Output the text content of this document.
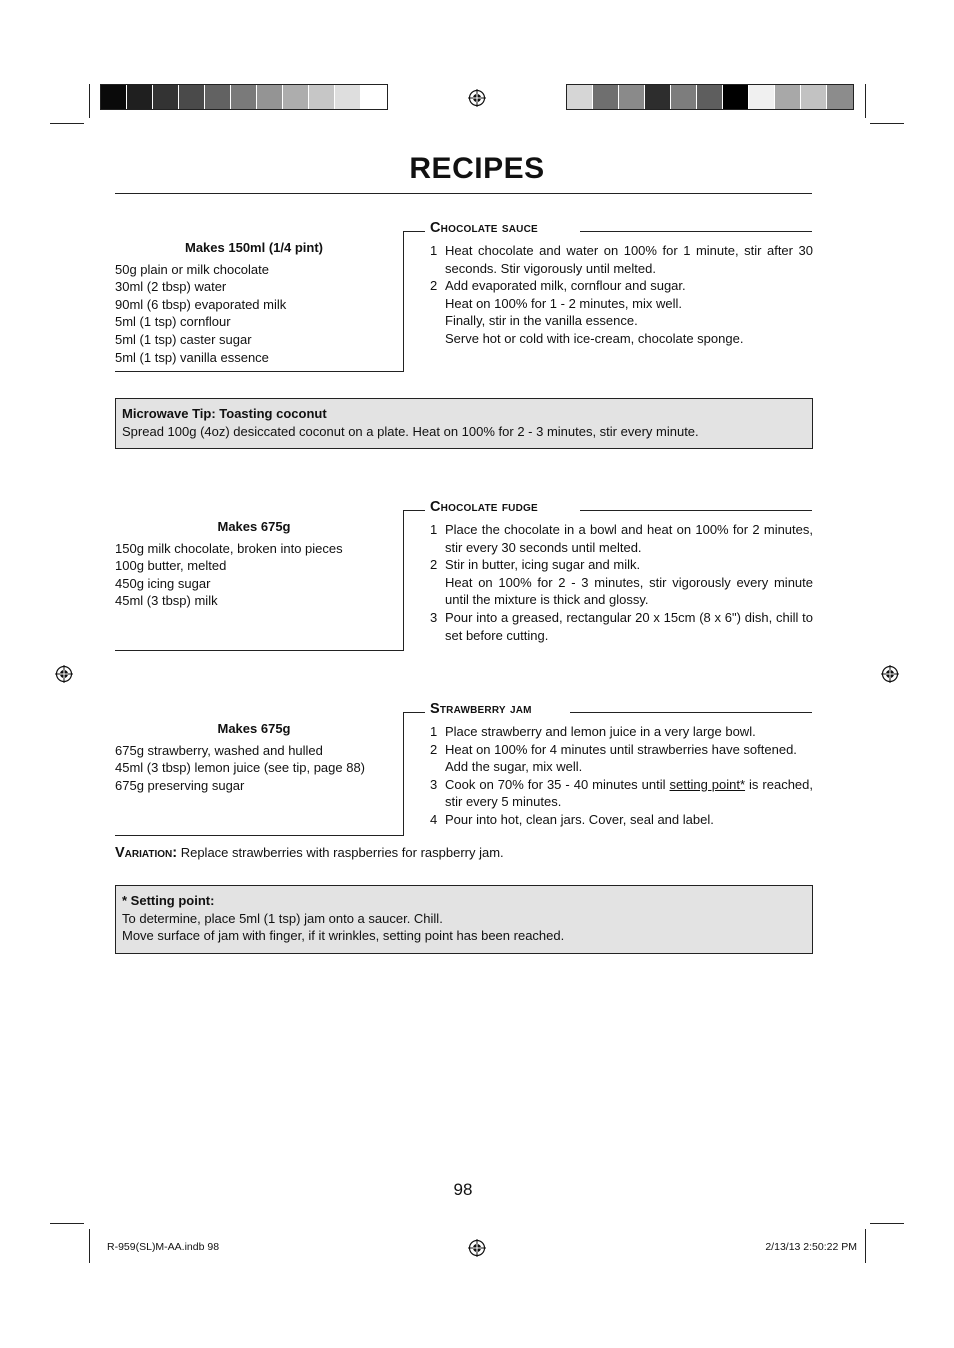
RECIPES
Makes 150ml (1/4 pint)
50g plain or milk chocolate
30ml (2 tbsp) water
90ml (6 tbsp) evaporated milk
5ml (1 tsp) cornflour
5ml (1 tsp) caster sugar
5ml (1 tsp) vanilla essence
Chocolate sauce
1 Heat chocolate and water on 100% for 1 minute, stir after 30 seconds. Stir vigorously until melted.
2 Add evaporated milk, cornflour and sugar.
Heat on 100% for 1 - 2 minutes, mix well.
Finally, stir in the vanilla essence.
Serve hot or cold with ice-cream, chocolate sponge.
Microwave Tip: Toasting coconut
Spread 100g (4oz) desiccated coconut on a plate. Heat on 100% for 2 - 3 minutes, stir every minute.
Makes 675g
150g milk chocolate, broken into pieces
100g butter, melted
450g icing sugar
45ml (3 tbsp) milk
Chocolate fudge
1 Place the chocolate in a bowl and heat on 100% for 2 minutes, stir every 30 seconds until melted.
2 Stir in butter, icing sugar and milk.
Heat on 100% for 2 - 3 minutes, stir vigorously every minute until the mixture is thick and glossy.
3 Pour into a greased, rectangular 20 x 15cm (8 x 6") dish, chill to set before cutting.
Makes 675g
675g strawberry, washed and hulled
45ml (3 tbsp) lemon juice (see tip, page 88)
675g preserving sugar
Strawberry jam
1 Place strawberry and lemon juice in a very large bowl.
2 Heat on 100% for 4 minutes until strawberries have softened.
Add the sugar, mix well.
3 Cook on 70% for 35 - 40 minutes until setting point* is reached, stir every 5 minutes.
4 Pour into hot, clean jars. Cover, seal and label.
Variation: Replace strawberries with raspberries for raspberry jam.
* Setting point:
To determine, place 5ml (1 tsp) jam onto a saucer. Chill.
Move surface of jam with finger, if it wrinkles, setting point has been reached.
98
R-959(SL)M-AA.indb 98	2/13/13 2:50:22 PM
